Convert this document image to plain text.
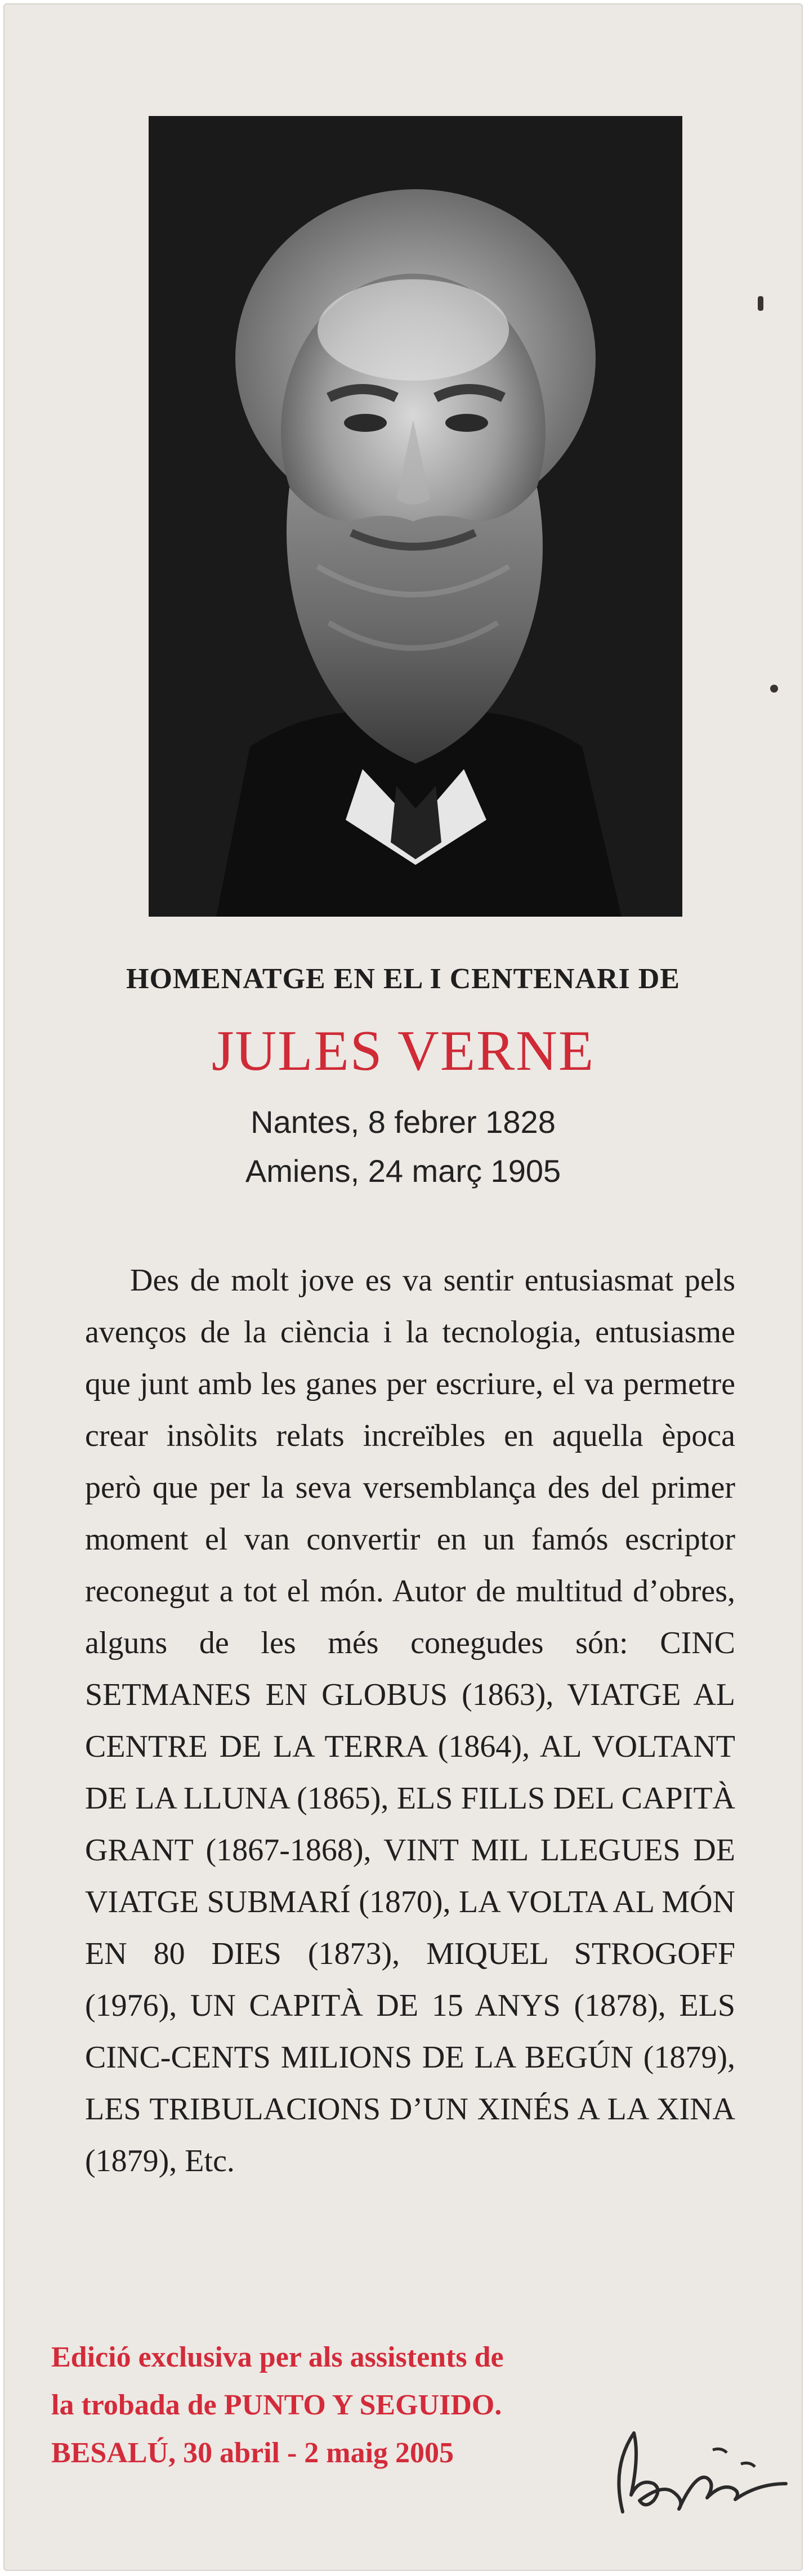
HOMENATGE EN EL I CENTENARI DE
JULES VERNE
Nantes, 8 febrer 1828
Amiens, 24 març 1905

Des de molt jove es va sentir entusiasmat pels avenços de la ciència i la tecnologia, entusiasme que junt amb les ganes per escriure, el va permetre crear insòlits relats increïbles en aquella època però que per la seva versemblança des del primer moment el van convertir en un famós escriptor reconegut a tot el món. Autor de multitud d’obres, alguns de les més conegudes són: CINC SETMANES EN GLOBUS (1863), VIATGE AL CENTRE DE LA TERRA (1864), AL VOLTANT DE LA LLUNA (1865), ELS FILLS DEL CAPITÀ GRANT (1867-1868), VINT MIL LLEGUES DE VIATGE SUBMARÍ (1870), LA VOLTA AL MÓN EN 80 DIES (1873), MIQUEL STROGOFF (1976), UN CAPITÀ DE 15 ANYS (1878), ELS CINC-CENTS MILIONS DE LA BEGÚN (1879), LES TRIBULACIONS D’UN XINÉS A LA XINA (1879), Etc.

Edició exclusiva per als assistents de
la trobada de PUNTO Y SEGUIDO.
BESALÚ, 30 abril - 2 maig 2005
